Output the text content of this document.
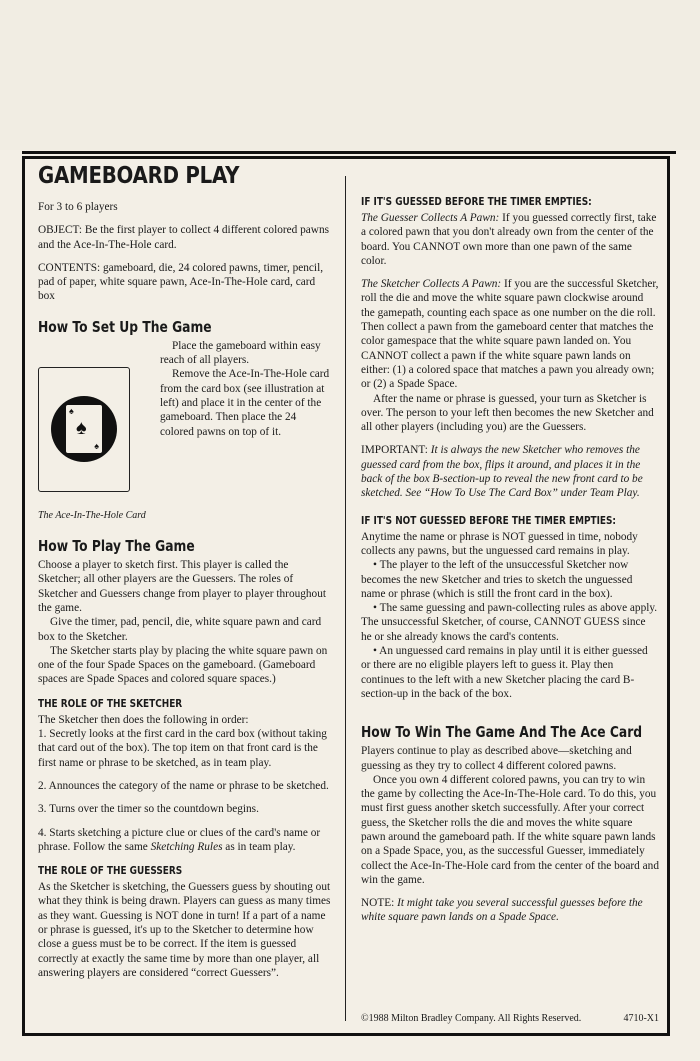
GAMEBOARD PLAY

For 3 to 6 players

OBJECT: Be the first player to collect 4 different colored pawns and the Ace-In-The-Hole card.

CONTENTS: gameboard, die, 24 colored pawns, timer, pencil, pad of paper, white square pawn, Ace-In-The-Hole card, card box

How To Set Up The Game
♠
♠
♠

Place the gameboard within easy reach of all players.

Remove the Ace-In-The-Hole card from the card box (see illustration at left) and place it in the center of the gameboard. Then place the 24 colored pawns on top of it.

The Ace-In-The-Hole Card

How To Play The Game

Choose a player to sketch first. This player is called the Sketcher; all other players are the Guessers. The roles of Sketcher and Guessers change from player to player throughout the game.

Give the timer, pad, pencil, die, white square pawn and card box to the Sketcher.

The Sketcher starts play by placing the white square pawn on one of the four Spade Spaces on the gameboard. (Gameboard spaces are Spade Spaces and colored square spaces.)

THE ROLE OF THE SKETCHER

The Sketcher then does the following in order:

1. Secretly looks at the first card in the card box (without taking that card out of the box). The top item on that front card is the first name or phrase to be sketched, as in team play.

2. Announces the category of the name or phrase to be sketched.

3. Turns over the timer so the countdown begins.

4. Starts sketching a picture clue or clues of the card's name or phrase. Follow the same Sketching Rules as in team play.

THE ROLE OF THE GUESSERS

As the Sketcher is sketching, the Guessers guess by shouting out what they think is being drawn. Players can guess as many times as they want. Guessing is NOT done in turn! If a part of a name or phrase is guessed, it's up to the Sketcher to determine how close a guess must be to be correct. If the item is guessed correctly at exactly the same time by more than one player, all answering players are considered “correct Guessers”.

IF IT'S GUESSED BEFORE THE TIMER EMPTIES:

The Guesser Collects A Pawn: If you guessed correctly first, take a colored pawn that you don't already own from the center of the board. You CANNOT own more than one pawn of the same color.

The Sketcher Collects A Pawn: If you are the successful Sketcher, roll the die and move the white square pawn clockwise around the gamepath, counting each space as one number on the die roll. Then collect a pawn from the gameboard center that matches the color gamespace that the white square pawn landed on. You CANNOT collect a pawn if the white square pawn lands on either: (1) a colored space that matches a pawn you already own; or (2) a Spade Space.

After the name or phrase is guessed, your turn as Sketcher is over. The person to your left then becomes the new Sketcher and all other players (including you) are the Guessers.

IMPORTANT: It is always the new Sketcher who removes the guessed card from the box, flips it around, and places it in the back of the box B-section-up to reveal the new front card to be sketched. See “How To Use The Card Box” under Team Play.

IF IT'S NOT GUESSED BEFORE THE TIMER EMPTIES:

Anytime the name or phrase is NOT guessed in time, nobody collects any pawns, but the unguessed card remains in play.

• The player to the left of the unsuccessful Sketcher now becomes the new Sketcher and tries to sketch the unguessed name or phrase (which is still the front card in the box).

• The same guessing and pawn-collecting rules as above apply. The unsuccessful Sketcher, of course, CANNOT GUESS since he or she already knows the card's contents.

• An unguessed card remains in play until it is either guessed or there are no eligible players left to guess it. Play then continues to the left with a new Sketcher placing the card B-section-up in the back of the box.

How To Win The Game And The Ace Card

Players continue to play as described above—sketching and guessing as they try to collect 4 different colored pawns.

Once you own 4 different colored pawns, you can try to win the game by collecting the Ace-In-The-Hole card. To do this, you must first guess another sketch successfully. After your correct guess, the Sketcher rolls the die and moves the white square pawn around the gameboard path. If the white square pawn lands on a Spade Space, you, as the successful Guesser, immediately collect the Ace-In-The-Hole card from the center of the board and win the game.

NOTE: It might take you several successful guesses before the white square pawn lands on a Spade Space.

©1988 Milton Bradley Company. All Rights Reserved.	4710-X1
